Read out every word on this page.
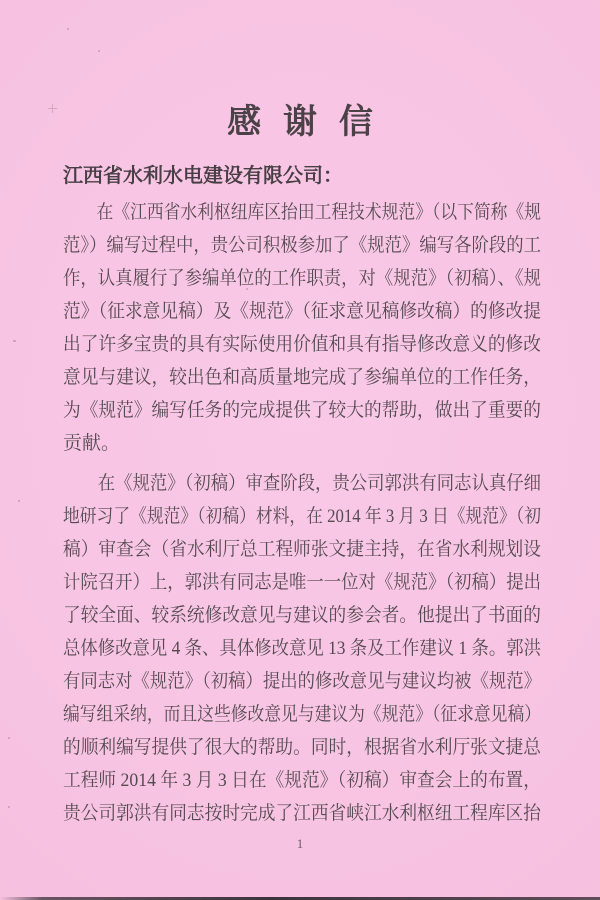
感 谢 信
江西省水利水电建设有限公司：
　　在《江西省水利枢纽库区抬田工程技术规范》（以下简称《规
范》）编写过程中，贵公司积极参加了《规范》编写各阶段的工
作，认真履行了参编单位的工作职责，对《规范》（初稿）、《规
范》（征求意见稿）及《规范》（征求意见稿修改稿）的修改提
出了许多宝贵的具有实际使用价值和具有指导修改意义的修改
意见与建议，较出色和高质量地完成了参编单位的工作任务，
为《规范》编写任务的完成提供了较大的帮助，做出了重要的
贡献。
　　在《规范》（初稿）审查阶段，贵公司郭洪有同志认真仔细
地研习了《规范》（初稿）材料，在 2014 年 3 月 3 日《规范》（初
稿）审查会（省水利厅总工程师张文捷主持，在省水利规划设
计院召开）上，郭洪有同志是唯一一位对《规范》（初稿）提出
了较全面、较系统修改意见与建议的参会者。他提出了书面的
总体修改意见 4 条、具体修改意见 13 条及工作建议 1 条。郭洪
有同志对《规范》（初稿）提出的修改意见与建议均被《规范》
编写组采纳，而且这些修改意见与建议为《规范》（征求意见稿）
的顺利编写提供了很大的帮助。同时，根据省水利厅张文捷总
工程师 2014 年 3 月 3 日在《规范》（初稿）审查会上的布置，
贵公司郭洪有同志按时完成了江西省峡江水利枢纽工程库区抬
1
